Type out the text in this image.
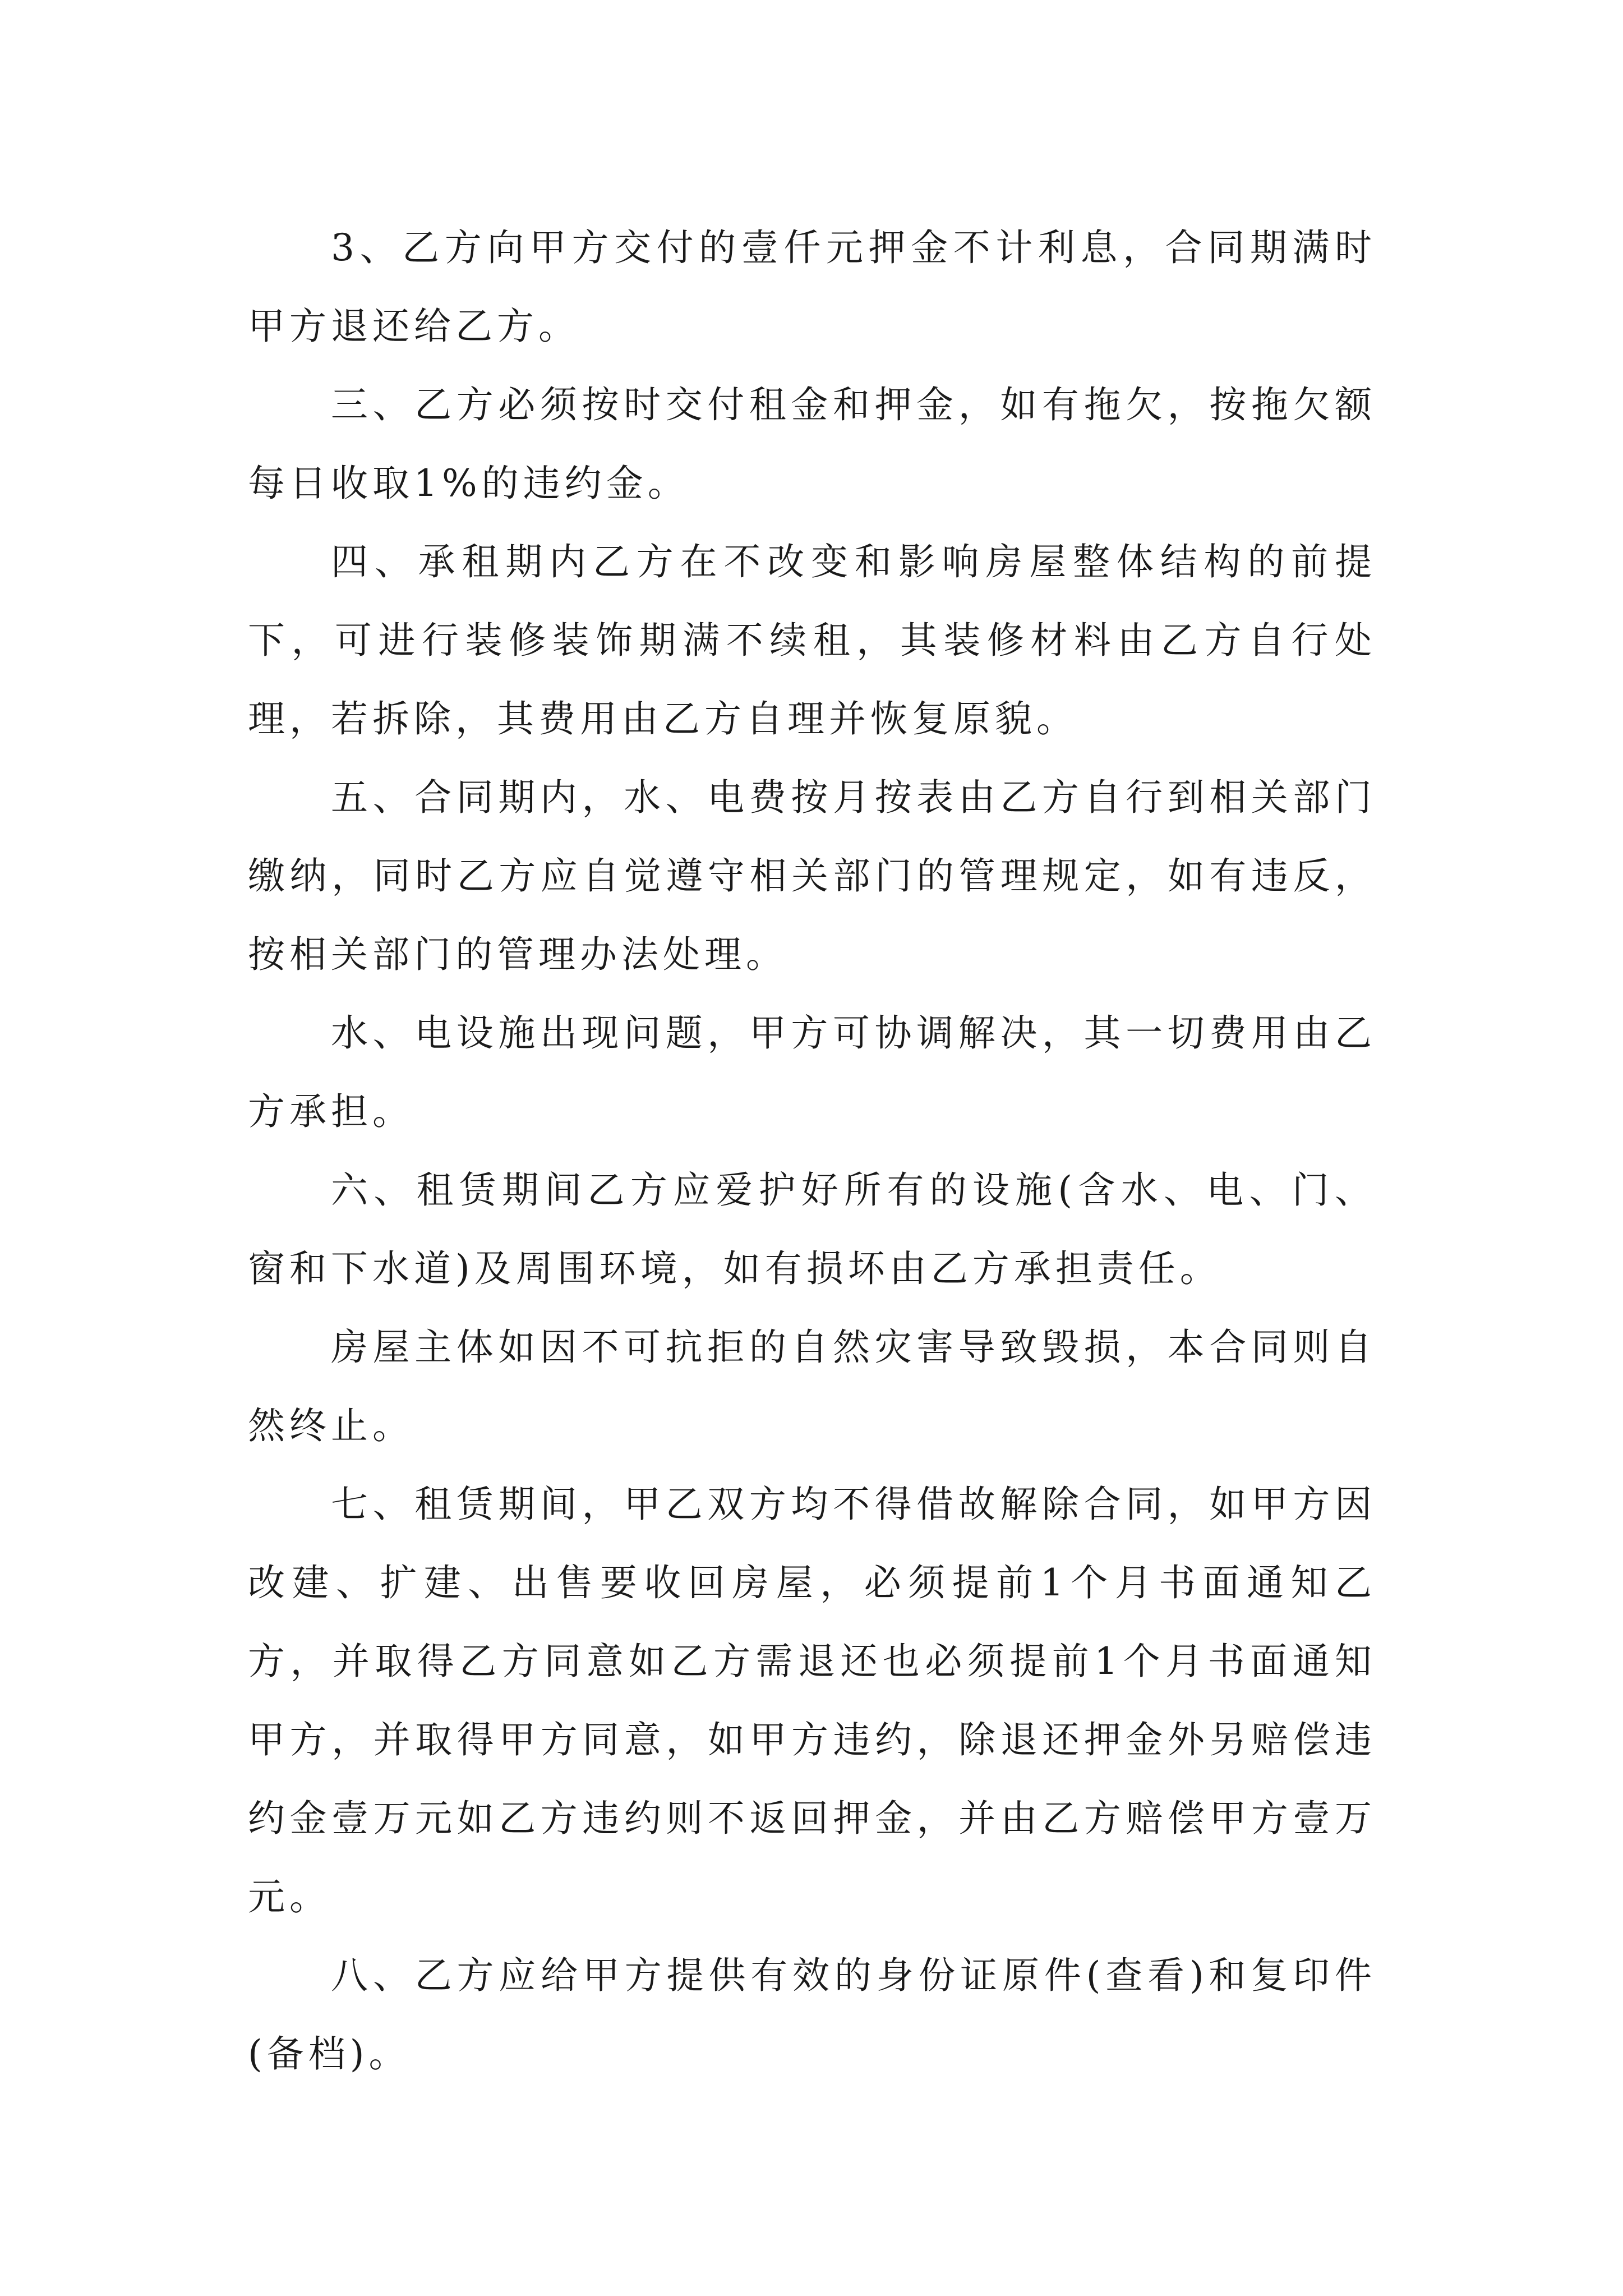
3、乙方向甲方交付的壹仟元押金不计利息，合同期满时甲方退还给乙方。

三、乙方必须按时交付租金和押金，如有拖欠，按拖欠额每日收取1%的违约金。

四、承租期内乙方在不改变和影响房屋整体结构的前提下，可进行装修装饰期满不续租，其装修材料由乙方自行处理，若拆除，其费用由乙方自理并恢复原貌。

五、合同期内，水、电费按月按表由乙方自行到相关部门缴纳，同时乙方应自觉遵守相关部门的管理规定，如有违反，按相关部门的管理办法处理。

水、电设施出现问题，甲方可协调解决，其一切费用由乙方承担。

六、租赁期间乙方应爱护好所有的设施(含水、电、门、窗和下水道)及周围环境，如有损坏由乙方承担责任。

房屋主体如因不可抗拒的自然灾害导致毁损，本合同则自然终止。

七、租赁期间，甲乙双方均不得借故解除合同，如甲方因改建、扩建、出售要收回房屋，必须提前1个月书面通知乙方，并取得乙方同意如乙方需退还也必须提前1个月书面通知甲方，并取得甲方同意，如甲方违约，除退还押金外另赔偿违约金壹万元如乙方违约则不返回押金，并由乙方赔偿甲方壹万元。

八、乙方应给甲方提供有效的身份证原件(查看)和复印件(备档)。
